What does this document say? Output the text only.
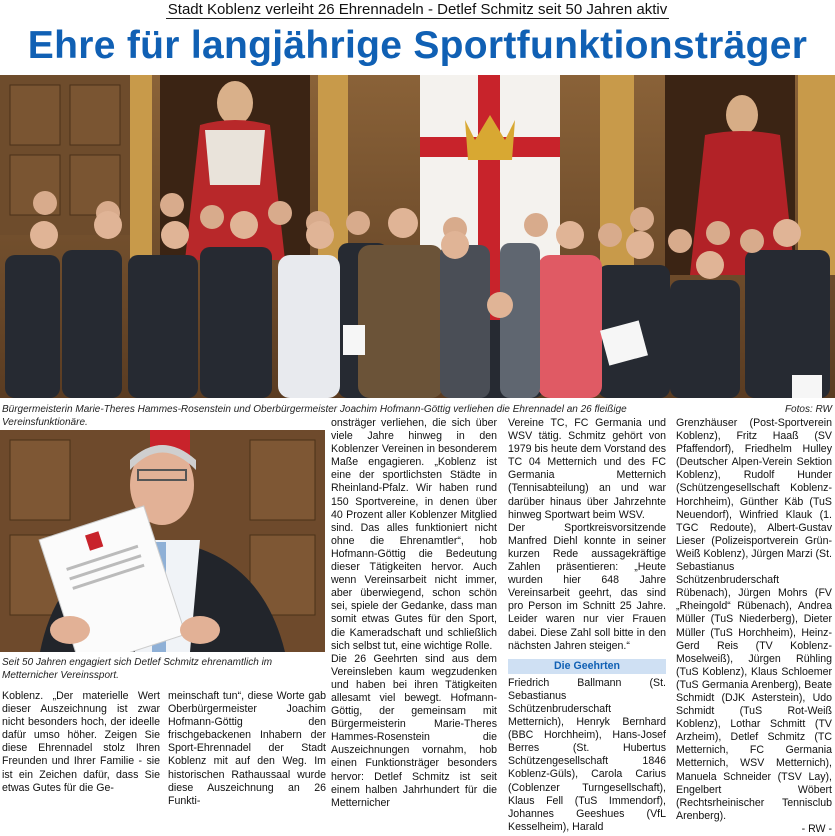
Stadt Koblenz verleiht 26 Ehrennadeln - Detlef Schmitz seit 50 Jahren aktiv
Ehre für langjährige Sportfunktionsträger
Bürgermeisterin Marie-Theres Hammes-Rosenstein und Oberbürgermeister Joachim Hofmann-Göttig verliehen die Ehrennadel an 26 fleißige Vereinsfunktionäre.
Fotos: RW
Seit 50 Jahren engagiert sich Detlef Schmitz ehrenamtlich im Metternicher Vereinssport.

Koblenz. „Der materielle Wert dieser Auszeichnung ist zwar nicht besonders hoch, der ideelle dafür umso höher. Zeigen Sie diese Ehrennadel stolz Ihren Freunden und Ihrer Familie - sie ist ein Zeichen dafür, dass Sie etwas Gutes für die Ge-

meinschaft tun“, diese Worte gab Oberbürgermeister Joachim Hofmann-Göttig den frischgebackenen Inhabern der Sport-Ehrennadel der Stadt Koblenz mit auf den Weg. Im historischen Rathaussaal wurde diese Auszeichnung an 26 Funkti-

onsträger verliehen, die sich über viele Jahre hinweg in den Koblenzer Vereinen in besonderem Maße engagieren. „Koblenz ist eine der sportlichsten Städte in Rheinland-Pfalz. Wir haben rund 150 Sportvereine, in denen über 40 Prozent aller Koblenzer Mitglied sind. Das alles funktioniert nicht ohne die Ehrenamtler“, hob Hofmann-Göttig die Bedeutung dieser Tätigkeiten hervor. Auch wenn Vereinsarbeit nicht immer, aber überwiegend, schon schön sei, spiele der Gedanke, dass man somit etwas Gutes für den Sport, die Kameradschaft und schließlich sich selbst tut, eine wichtige Rolle.

Die 26 Geehrten sind aus dem Vereinsleben kaum wegzudenken und haben bei ihren Tätigkeiten allesamt viel bewegt. Hofmann-Göttig, der gemeinsam mit Bürgermeisterin Marie-Theres Hammes-Rosenstein die Auszeichnungen vornahm, hob einen Funktionsträger besonders hervor: Detlef Schmitz ist seit einem halben Jahrhundert für die Metternicher

Vereine TC, FC Germania und WSV tätig. Schmitz gehört von 1979 bis heute dem Vorstand des TC 04 Metternich und des FC Germania Metternich (Tennisabteilung) an und war darüber hinaus über Jahrzehnte hinweg Sportwart beim WSV.

Der Sportkreisvorsitzende Manfred Diehl konnte in seiner kurzen Rede aussagekräftige Zahlen präsentieren: „Heute wurden hier 648 Jahre Vereinsarbeit geehrt, das sind pro Person im Schnitt 25 Jahre. Leider waren nur vier Frauen dabei. Diese Zahl soll bitte in den nächsten Jahren steigen.“

Die Geehrten

Friedrich Ballmann (St. Sebastianus Schützenbruderschaft Metternich), Henryk Bernhard (BBC Horchheim), Hans-Josef Berres (St. Hubertus Schützengesellschaft 1846 Koblenz-Güls), Carola Carius (Coblenzer Turngesellschaft), Klaus Fell (TuS Immendorf), Johannes Geeshues (VfL Kesselheim), Harald

Grenzhäuser (Post-Sportverein Koblenz), Fritz Haaß (SV Pfaffendorf), Friedhelm Hulley (Deutscher Alpen-Verein Sektion Koblenz), Rudolf Hunder (Schützengesellschaft Koblenz-Horchheim), Günther Käb (TuS Neuendorf), Winfried Klauk (1. TGC Redoute), Albert-Gustav Lieser (Polizeisportverein Grün-Weiß Koblenz), Jürgen Marzi (St. Sebastianus Schützenbruderschaft Rübenach), Jürgen Mohrs (FV „Rheingold“ Rübenach), Andrea Müller (TuS Niederberg), Dieter Müller (TuS Horchheim), Heinz-Gerd Reis (TV Koblenz-Moselweiß), Jürgen Rühling (TuS Koblenz), Klaus Schloemer (TuS Germania Arenberg), Beate Schmidt (DJK Asterstein), Udo Schmidt (TuS Rot-Weiß Koblenz), Lothar Schmitt (TV Arzheim), Detlef Schmitz (TC Metternich, FC Germania Metternich, WSV Metternich), Manuela Schneider (TSV Lay), Engelbert Wöbert (Rechtsrheinischer Tennisclub Arenberg).

- RW -
